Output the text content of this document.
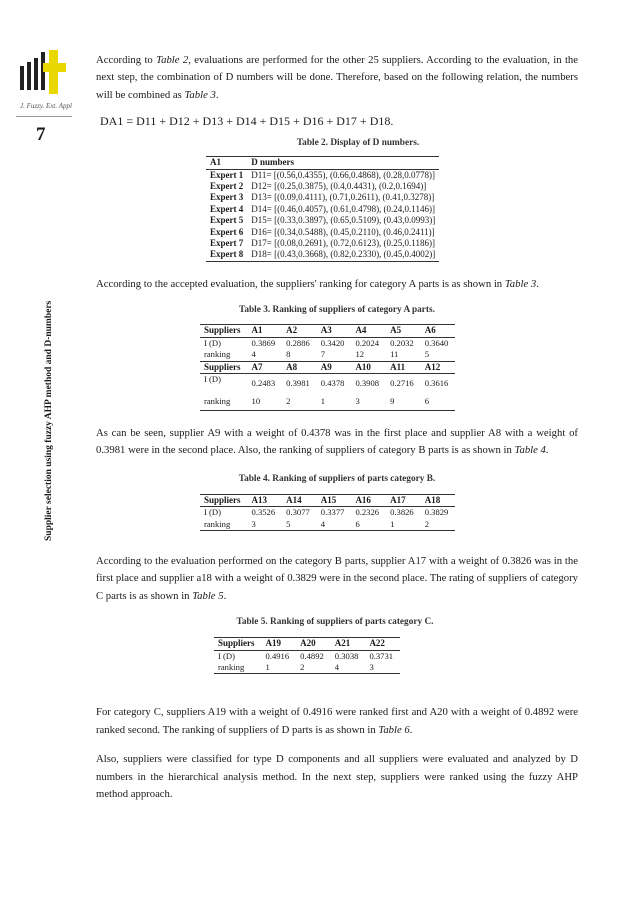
J. Fuzzy. Ext. Appl
7
Supplier selection using fuzzy AHP method and D-numbers

According to Table 2, evaluations are performed for the other 25 suppliers. According to the evaluation, in the next step, the combination of D numbers will be done. Therefore, based on the following relation, the numbers will be combined as Table 3.

DA1 = D11 + D12 + D13 + D14 + D15 + D16 + D17 + D18.
Table 2. Display of D numbers.
A1	D numbers
Expert 1	D11= [(0.56,0.4355), (0.66,0.4868), (0.28,0.0778)]
Expert 2	D12= [(0.25,0.3875), (0.4,0.4431), (0.2,0.1694)]
Expert 3	D13= [(0.09,0.4111), (0.71,0.2611), (0.41,0.3278)]
Expert 4	D14= [(0.46,0.4057), (0.61,0.4798), (0.24,0.1146)]
Expert 5	D15= [(0.33,0.3897), (0.65,0.5109), (0.43,0.0993)]
Expert 6	D16= [(0.34,0.5488), (0.45,0.2110), (0.46,0.2411)]
Expert 7	D17= [(0.08,0.2691), (0.72,0.6123), (0.25,0.1186)]
Expert 8	D18= [(0.43,0.3668), (0.82,0.2330), (0.45,0.4002)]

According to the accepted evaluation, the suppliers' ranking for category A parts is as shown in Table 3.

Table 3. Ranking of suppliers of category A parts.
Suppliers	A1	A2	A3	A4	A5	A6
I (D)	0.3869	0.2886	0.3420	0.2024	0.2032	0.3640
ranking	4	8	7	12	11	5
Suppliers	A7	A8	A9	A10	A11	A12
I (D)	0.2483	0.3981	0.4378	0.3908	0.2716	0.3616
ranking	10	2	1	3	9	6

As can be seen, supplier A9 with a weight of 0.4378 was in the first place and supplier A8 with a weight of 0.3981 were in the second place. Also, the ranking of suppliers of category B parts is as shown in Table 4.

Table 4. Ranking of suppliers of parts category B.
Suppliers	A13	A14	A15	A16	A17	A18
I (D)	0.3526	0.3077	0.3377	0.2326	0.3826	0.3829
ranking	3	5	4	6	1	2

According to the evaluation performed on the category B parts, supplier A17 with a weight of 0.3826 was in the first place and supplier a18 with a weight of 0.3829 were in the second place. The rating of suppliers of category C parts is as shown in Table 5.

Table 5. Ranking of suppliers of parts category C.
Suppliers	A19	A20	A21	A22
I (D)	0.4916	0.4892	0.3038	0.3731
ranking	1	2	4	3

For category C, suppliers A19 with a weight of 0.4916 were ranked first and A20 with a weight of 0.4892 were ranked second. The ranking of suppliers of D parts is as shown in Table 6.

Also, suppliers were classified for type D components and all suppliers were evaluated and analyzed by D numbers in the hierarchical analysis method. In the next step, suppliers were ranked using the fuzzy AHP method approach.
